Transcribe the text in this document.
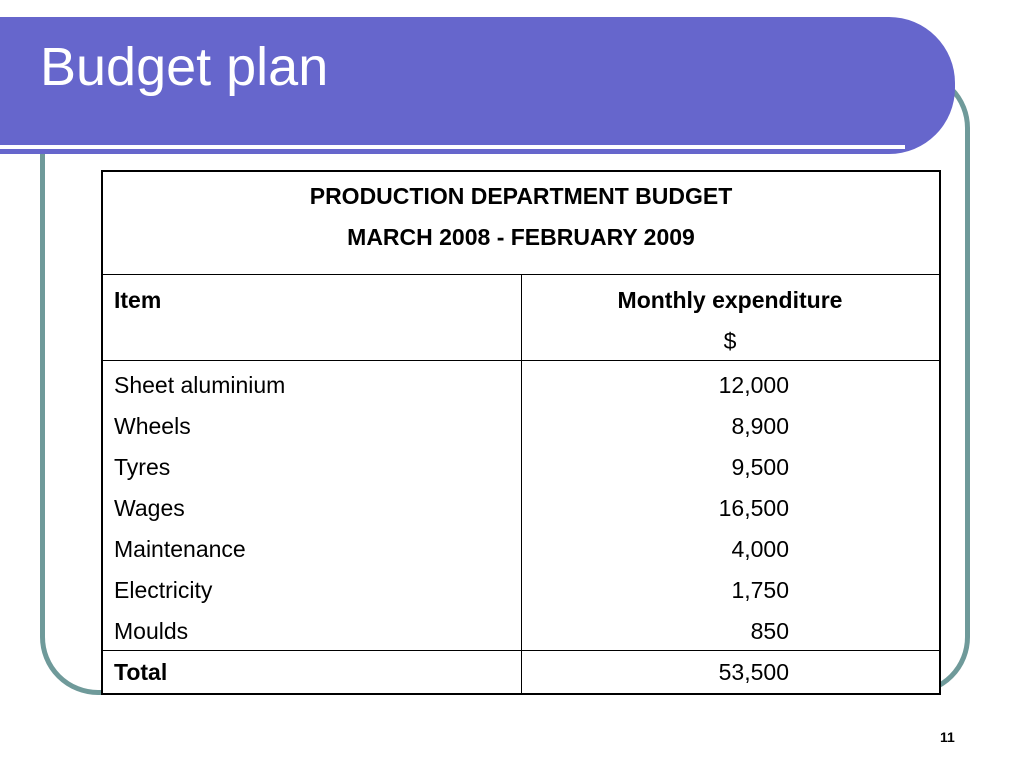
Budget plan
PRODUCTION DEPARTMENT BUDGET
MARCH 2008 - FEBRUARY 2009
Item	Monthly expenditure
$
Sheet aluminium
Wheels
Tyres
Wages
Maintenance
Electricity
Moulds
12,000
8,900
9,500
16,500
4,000
1,750
850
Total	53,500
11
